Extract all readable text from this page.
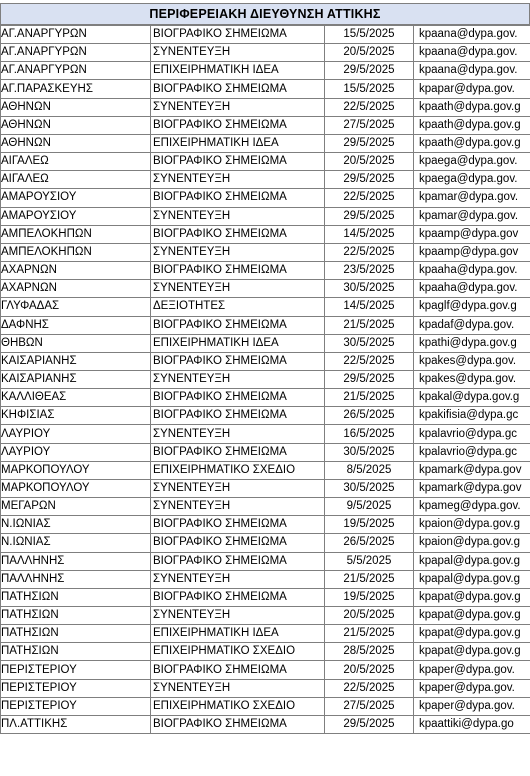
ΠΕΡΙΦΕΡΕΙΑΚΗ ΔΙΕΥΘΥΝΣΗ ΑΤΤΙΚΗΣ
ΑΓ.ΑΝΑΡΓΥΡΩΝ	ΒΙΟΓΡΑΦΙΚΟ ΣΗΜΕΙΩΜΑ	15/5/2025	kpaana@dypa.gov.
ΑΓ.ΑΝΑΡΓΥΡΩΝ	ΣΥΝΕΝΤΕΥΞΗ	20/5/2025	kpaana@dypa.gov.
ΑΓ.ΑΝΑΡΓΥΡΩΝ	ΕΠΙΧΕΙΡΗΜΑΤΙΚΗ ΙΔΕΑ	29/5/2025	kpaana@dypa.gov.
ΑΓ.ΠΑΡΑΣΚΕΥΗΣ	ΒΙΟΓΡΑΦΙΚΟ ΣΗΜΕΙΩΜΑ	15/5/2025	kpapar@dypa.gov.
ΑΘΗΝΩΝ	ΣΥΝΕΝΤΕΥΞΗ	22/5/2025	kpaath@dypa.gov.g
ΑΘΗΝΩΝ	ΒΙΟΓΡΑΦΙΚΟ ΣΗΜΕΙΩΜΑ	27/5/2025	kpaath@dypa.gov.g
ΑΘΗΝΩΝ	ΕΠΙΧΕΙΡΗΜΑΤΙΚΗ ΙΔΕΑ	29/5/2025	kpaath@dypa.gov.g
ΑΙΓΑΛΕΩ	ΒΙΟΓΡΑΦΙΚΟ ΣΗΜΕΙΩΜΑ	20/5/2025	kpaega@dypa.gov.
ΑΙΓΑΛΕΩ	ΣΥΝΕΝΤΕΥΞΗ	29/5/2025	kpaega@dypa.gov.
ΑΜΑΡΟΥΣΙΟΥ	ΒΙΟΓΡΑΦΙΚΟ ΣΗΜΕΙΩΜΑ	22/5/2025	kpamar@dypa.gov.
ΑΜΑΡΟΥΣΙΟΥ	ΣΥΝΕΝΤΕΥΞΗ	29/5/2025	kpamar@dypa.gov.
ΑΜΠΕΛΟΚΗΠΩΝ	ΒΙΟΓΡΑΦΙΚΟ ΣΗΜΕΙΩΜΑ	14/5/2025	kpaamp@dypa.gov
ΑΜΠΕΛΟΚΗΠΩΝ	ΣΥΝΕΝΤΕΥΞΗ	22/5/2025	kpaamp@dypa.gov
ΑΧΑΡΝΩΝ	ΒΙΟΓΡΑΦΙΚΟ ΣΗΜΕΙΩΜΑ	23/5/2025	kpaaha@dypa.gov.
ΑΧΑΡΝΩΝ	ΣΥΝΕΝΤΕΥΞΗ	30/5/2025	kpaaha@dypa.gov.
ΓΛΥΦΑΔΑΣ	ΔΕΞΙΟΤΗΤΕΣ	14/5/2025	kpaglf@dypa.gov.g
ΔΑΦΝΗΣ	ΒΙΟΓΡΑΦΙΚΟ ΣΗΜΕΙΩΜΑ	21/5/2025	kpadaf@dypa.gov.
ΘΗΒΩΝ	ΕΠΙΧΕΙΡΗΜΑΤΙΚΗ ΙΔΕΑ	30/5/2025	kpathi@dypa.gov.g
ΚΑΙΣΑΡΙΑΝΗΣ	ΒΙΟΓΡΑΦΙΚΟ ΣΗΜΕΙΩΜΑ	22/5/2025	kpakes@dypa.gov.
ΚΑΙΣΑΡΙΑΝΗΣ	ΣΥΝΕΝΤΕΥΞΗ	29/5/2025	kpakes@dypa.gov.
ΚΑΛΛΙΘΕΑΣ	ΒΙΟΓΡΑΦΙΚΟ ΣΗΜΕΙΩΜΑ	21/5/2025	kpakal@dypa.gov.g
ΚΗΦΙΣΙΑΣ	ΒΙΟΓΡΑΦΙΚΟ ΣΗΜΕΙΩΜΑ	26/5/2025	kpakifisia@dypa.gc
ΛΑΥΡΙΟΥ	ΣΥΝΕΝΤΕΥΞΗ	16/5/2025	kpalavrio@dypa.gc
ΛΑΥΡΙΟΥ	ΒΙΟΓΡΑΦΙΚΟ ΣΗΜΕΙΩΜΑ	30/5/2025	kpalavrio@dypa.gc
ΜΑΡΚΟΠΟΥΛΟΥ	ΕΠΙΧΕΙΡΗΜΑΤΙΚΟ ΣΧΕΔΙΟ	8/5/2025	kpamark@dypa.gov
ΜΑΡΚΟΠΟΥΛΟΥ	ΣΥΝΕΝΤΕΥΞΗ	30/5/2025	kpamark@dypa.gov
ΜΕΓΑΡΩΝ	ΣΥΝΕΝΤΕΥΞΗ	9/5/2025	kpameg@dypa.gov.
Ν.ΙΩΝΙΑΣ	ΒΙΟΓΡΑΦΙΚΟ ΣΗΜΕΙΩΜΑ	19/5/2025	kpaion@dypa.gov.g
Ν.ΙΩΝΙΑΣ	ΒΙΟΓΡΑΦΙΚΟ ΣΗΜΕΙΩΜΑ	26/5/2025	kpaion@dypa.gov.g
ΠΑΛΛΗΝΗΣ	ΒΙΟΓΡΑΦΙΚΟ ΣΗΜΕΙΩΜΑ	5/5/2025	kpapal@dypa.gov.g
ΠΑΛΛΗΝΗΣ	ΣΥΝΕΝΤΕΥΞΗ	21/5/2025	kpapal@dypa.gov.g
ΠΑΤΗΣΙΩΝ	ΒΙΟΓΡΑΦΙΚΟ ΣΗΜΕΙΩΜΑ	19/5/2025	kpapat@dypa.gov.g
ΠΑΤΗΣΙΩΝ	ΣΥΝΕΝΤΕΥΞΗ	20/5/2025	kpapat@dypa.gov.g
ΠΑΤΗΣΙΩΝ	ΕΠΙΧΕΙΡΗΜΑΤΙΚΗ ΙΔΕΑ	21/5/2025	kpapat@dypa.gov.g
ΠΑΤΗΣΙΩΝ	ΕΠΙΧΕΙΡΗΜΑΤΙΚΟ ΣΧΕΔΙΟ	28/5/2025	kpapat@dypa.gov.g
ΠΕΡΙΣΤΕΡΙΟΥ	ΒΙΟΓΡΑΦΙΚΟ ΣΗΜΕΙΩΜΑ	20/5/2025	kpaper@dypa.gov.
ΠΕΡΙΣΤΕΡΙΟΥ	ΣΥΝΕΝΤΕΥΞΗ	22/5/2025	kpaper@dypa.gov.
ΠΕΡΙΣΤΕΡΙΟΥ	ΕΠΙΧΕΙΡΗΜΑΤΙΚΟ ΣΧΕΔΙΟ	27/5/2025	kpaper@dypa.gov.
ΠΛ.ΑΤΤΙΚΗΣ	ΒΙΟΓΡΑΦΙΚΟ ΣΗΜΕΙΩΜΑ	29/5/2025	kpaattiki@dypa.go
